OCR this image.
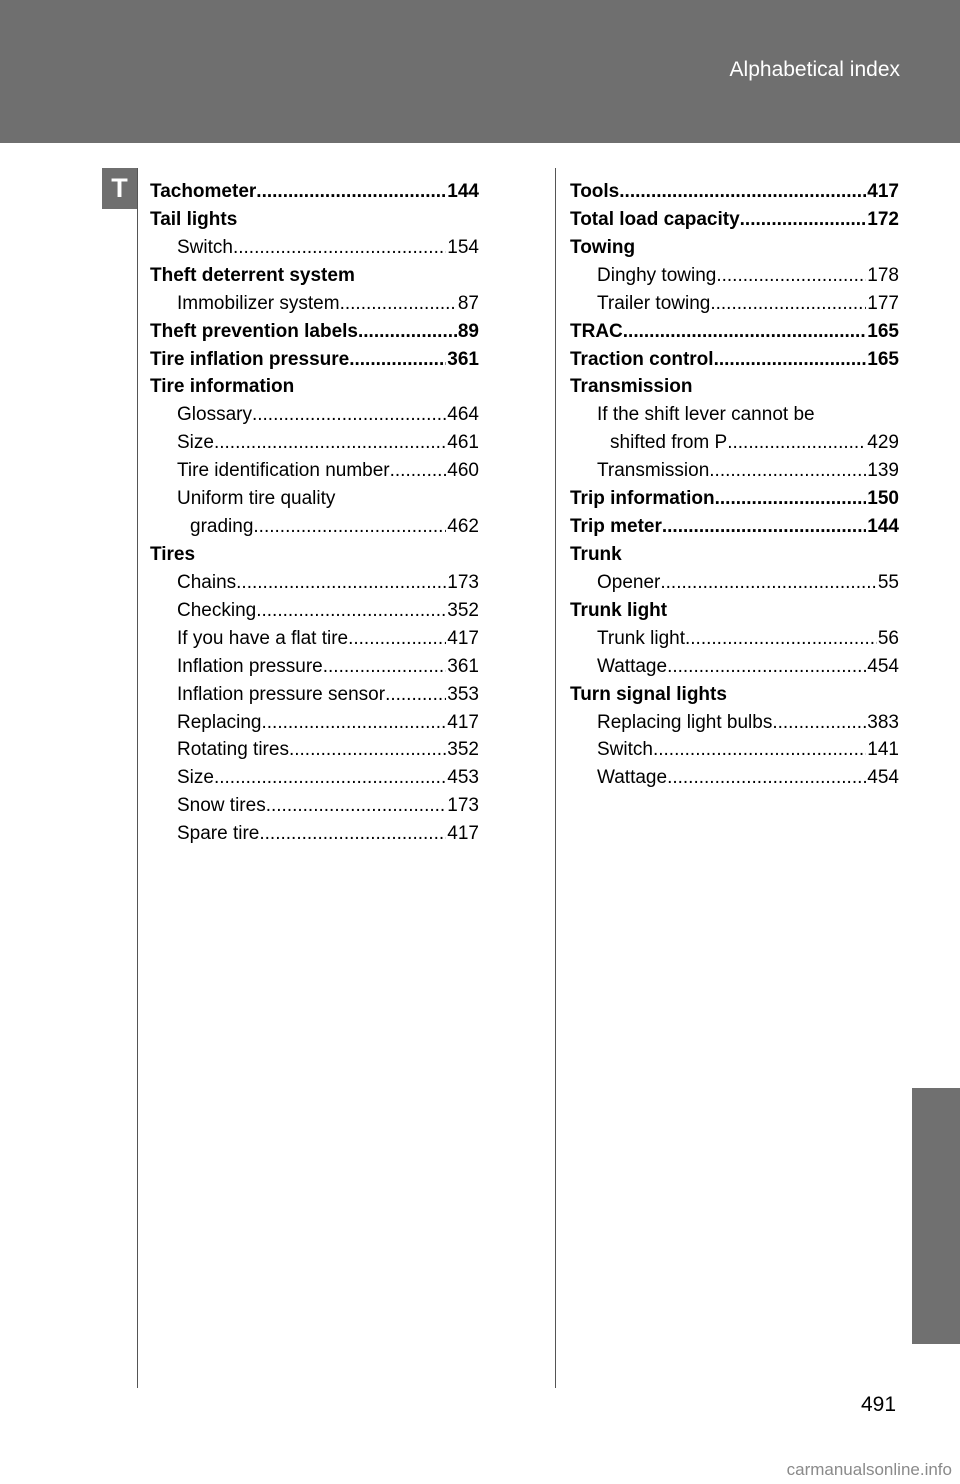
Alphabetical index
T	Tachometer .....	144
Tail lights
Switch .....	154
Theft deterrent system
Immobilizer system .....	87
Theft prevention labels .....	89
Tire inflation pressure .....	361
Tire information
Glossary .....	464
Size .....	461
Tire identification number .....	460
Uniform tire quality
grading .....	462
Tires
Chains .....	173
Checking .....	352
If you have a flat tire .....	417
Inflation pressure .....	361
Inflation pressure sensor .....	353
Replacing .....	417
Rotating tires .....	352
Size .....	453
Snow tires .....	173
Spare tire .....	417
Tools .....	417
Total load capacity .....	172
Towing
Dinghy towing .....	178
Trailer towing .....	177
TRAC .....	165
Traction control .....	165
Transmission
If the shift lever cannot be
shifted from P .....	429
Transmission .....	139
Trip information .....	150
Trip meter .....	144
Trunk
Opener .....	55
Trunk light
Trunk light .....	56
Wattage .....	454
Turn signal lights
Replacing light bulbs .....	383
Switch .....	141
Wattage .....	454
491
carmanualsonline.info
